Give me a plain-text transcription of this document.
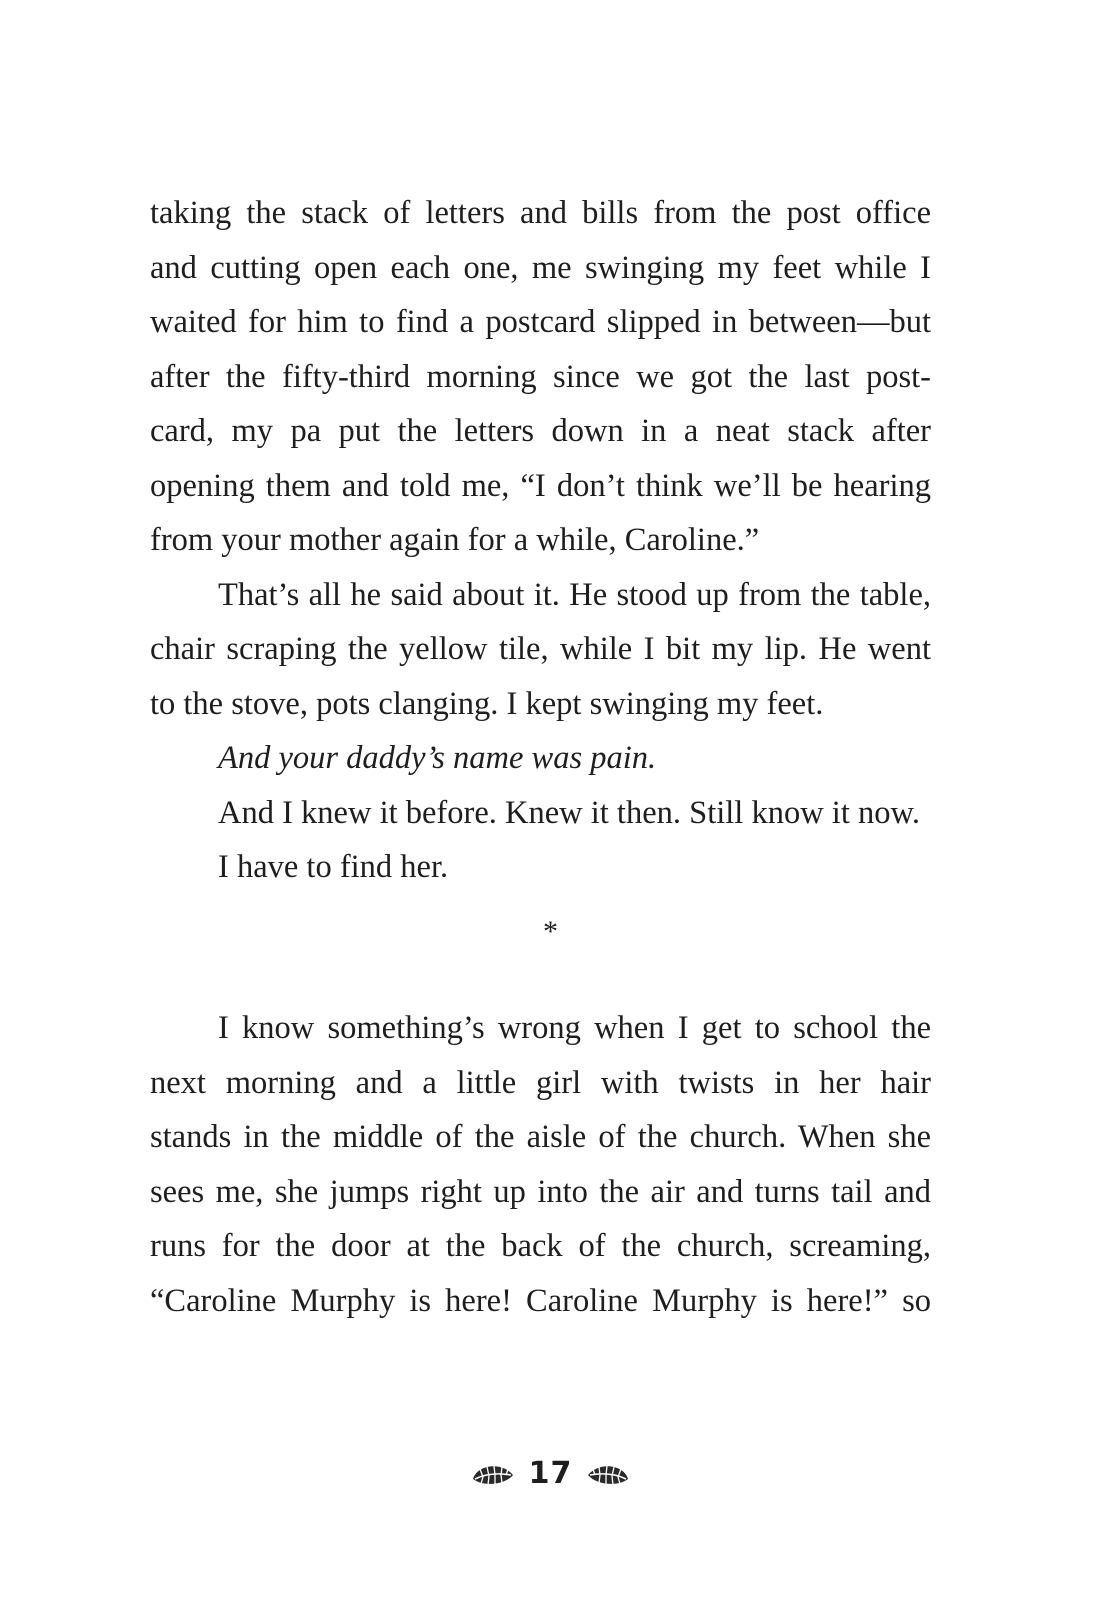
taking the stack of letters and bills from the post office
and cutting open each one, me swinging my feet while I
waited for him to find a postcard slipped in between—but
after the fifty-third morning since we got the last post-
card, my pa put the letters down in a neat stack after
opening them and told me, “I don’t think we’ll be hearing
from your mother again for a while, Caroline.”
That’s all he said about it. He stood up from the table,
chair scraping the yellow tile, while I bit my lip. He went
to the stove, pots clanging. I kept swinging my feet.
And your daddy’s name was pain.
And I knew it before. Knew it then. Still know it now.
I have to find her.
*
I know something’s wrong when I get to school the
next morning and a little girl with twists in her hair
stands in the middle of the aisle of the church. When she
sees me, she jumps right up into the air and turns tail and
runs for the door at the back of the church, screaming,
“Caroline Murphy is here! Caroline Murphy is here!” so
17
